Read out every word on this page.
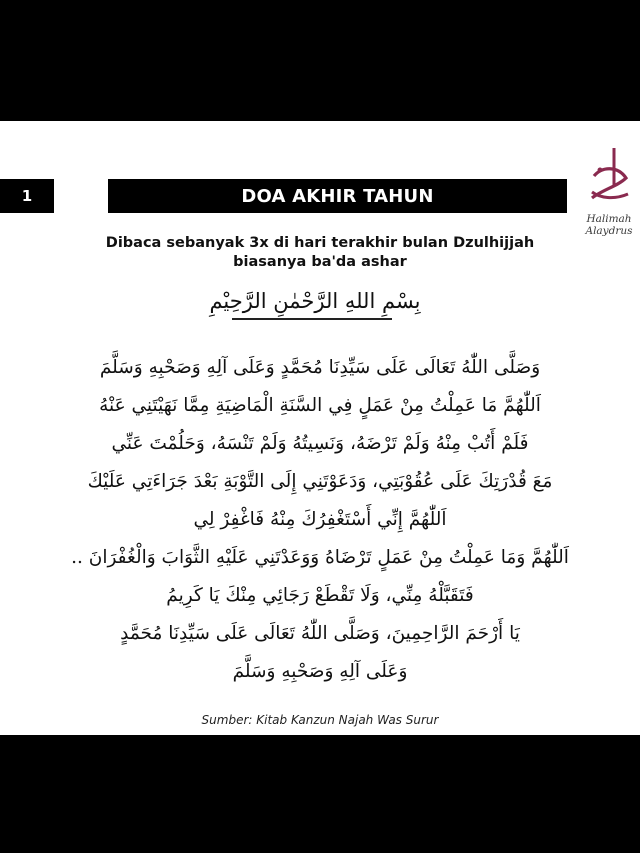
1	DOA AKHIR TAHUN
Halimah
Alaydrus
Dibaca sebanyak 3x di hari terakhir bulan Dzulhijjah
biasanya ba'da ashar
بِسْمِ اللهِ الرَّحْمٰنِ الرَّحِيْمِ
وَصَلَّى اللّٰهُ تَعَالَى عَلَى سَيِّدِنَا مُحَمَّدٍ وَعَلَى آلِهِ وَصَحْبِهِ وَسَلَّمَ
اَللّٰهُمَّ مَا عَمِلْتُ مِنْ عَمَلٍ فِي السَّنَةِ الْمَاضِيَةِ مِمَّا نَهَيْتَنِي عَنْهُ
فَلَمْ أَتُبْ مِنْهُ وَلَمْ تَرْضَهُ، وَنَسِيتُهُ وَلَمْ تَنْسَهُ، وَحَلُمْتَ عَنِّي
مَعَ قُدْرَتِكَ عَلَى عُقُوْبَتِي، وَدَعَوْتَنِي إِلَى التَّوْبَةِ بَعْدَ جَرَاءَتِي عَلَيْكَ
اَللّٰهُمَّ إِنِّي أَسْتَغْفِرُكَ مِنْهُ فَاغْفِرْ لِي
اَللّٰهُمَّ وَمَا عَمِلْتُ مِنْ عَمَلٍ تَرْضَاهُ وَوَعَدْتَنِي عَلَيْهِ الثَّوَابَ وَالْغُفْرَانَ ..
فَتَقَبَّلْهُ مِنِّي، وَلَا تَقْطَعْ رَجَائِي مِنْكَ يَا كَرِيمُ
يَا أَرْحَمَ الرَّاحِمِينَ، وَصَلَّى اللّٰهُ تَعَالَى عَلَى سَيِّدِنَا مُحَمَّدٍ
وَعَلَى آلِهِ وَصَحْبِهِ وَسَلَّمَ
Sumber: Kitab Kanzun Najah Was Surur
